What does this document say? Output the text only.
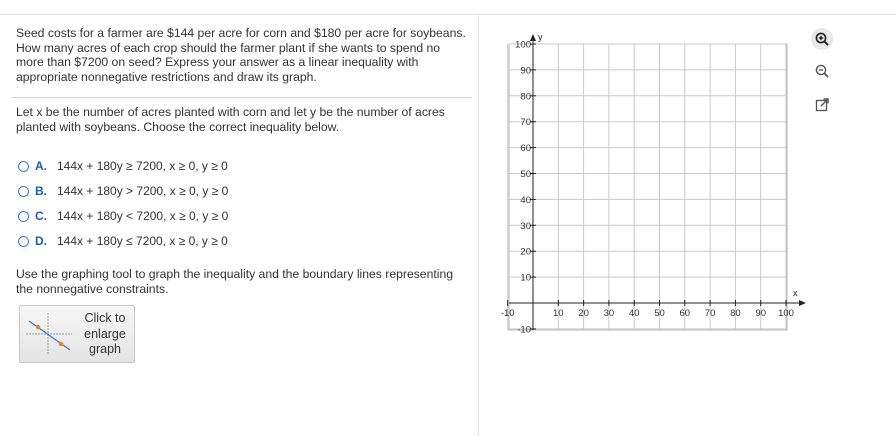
Seed costs for a farmer are $144 per acre for corn and $180 per acre for soybeans. How many acres of each crop should the farmer plant if she wants to spend no more than $7200 on seed? Express your answer as a linear inequality with appropriate nonnegative restrictions and draw its graph.
Let x be the number of acres planted with corn and let y be the number of acres planted with soybeans. Choose the correct inequality below.
A. 144x + 180y ≥ 7200, x ≥ 0, y ≥ 0
B. 144x + 180y > 7200, x ≥ 0, y ≥ 0
C. 144x + 180y < 7200, x ≥ 0, y ≥ 0
D. 144x + 180y ≤ 7200, x ≥ 0, y ≥ 0
Use the graphing tool to graph the inequality and the boundary lines representing the nonnegative constraints.
Click to
enlarge
graph
y
x
-10	10 20 30 40 50 60 70 80 90 100
100
90
80
70
60
50
40
30
20
10
-10
